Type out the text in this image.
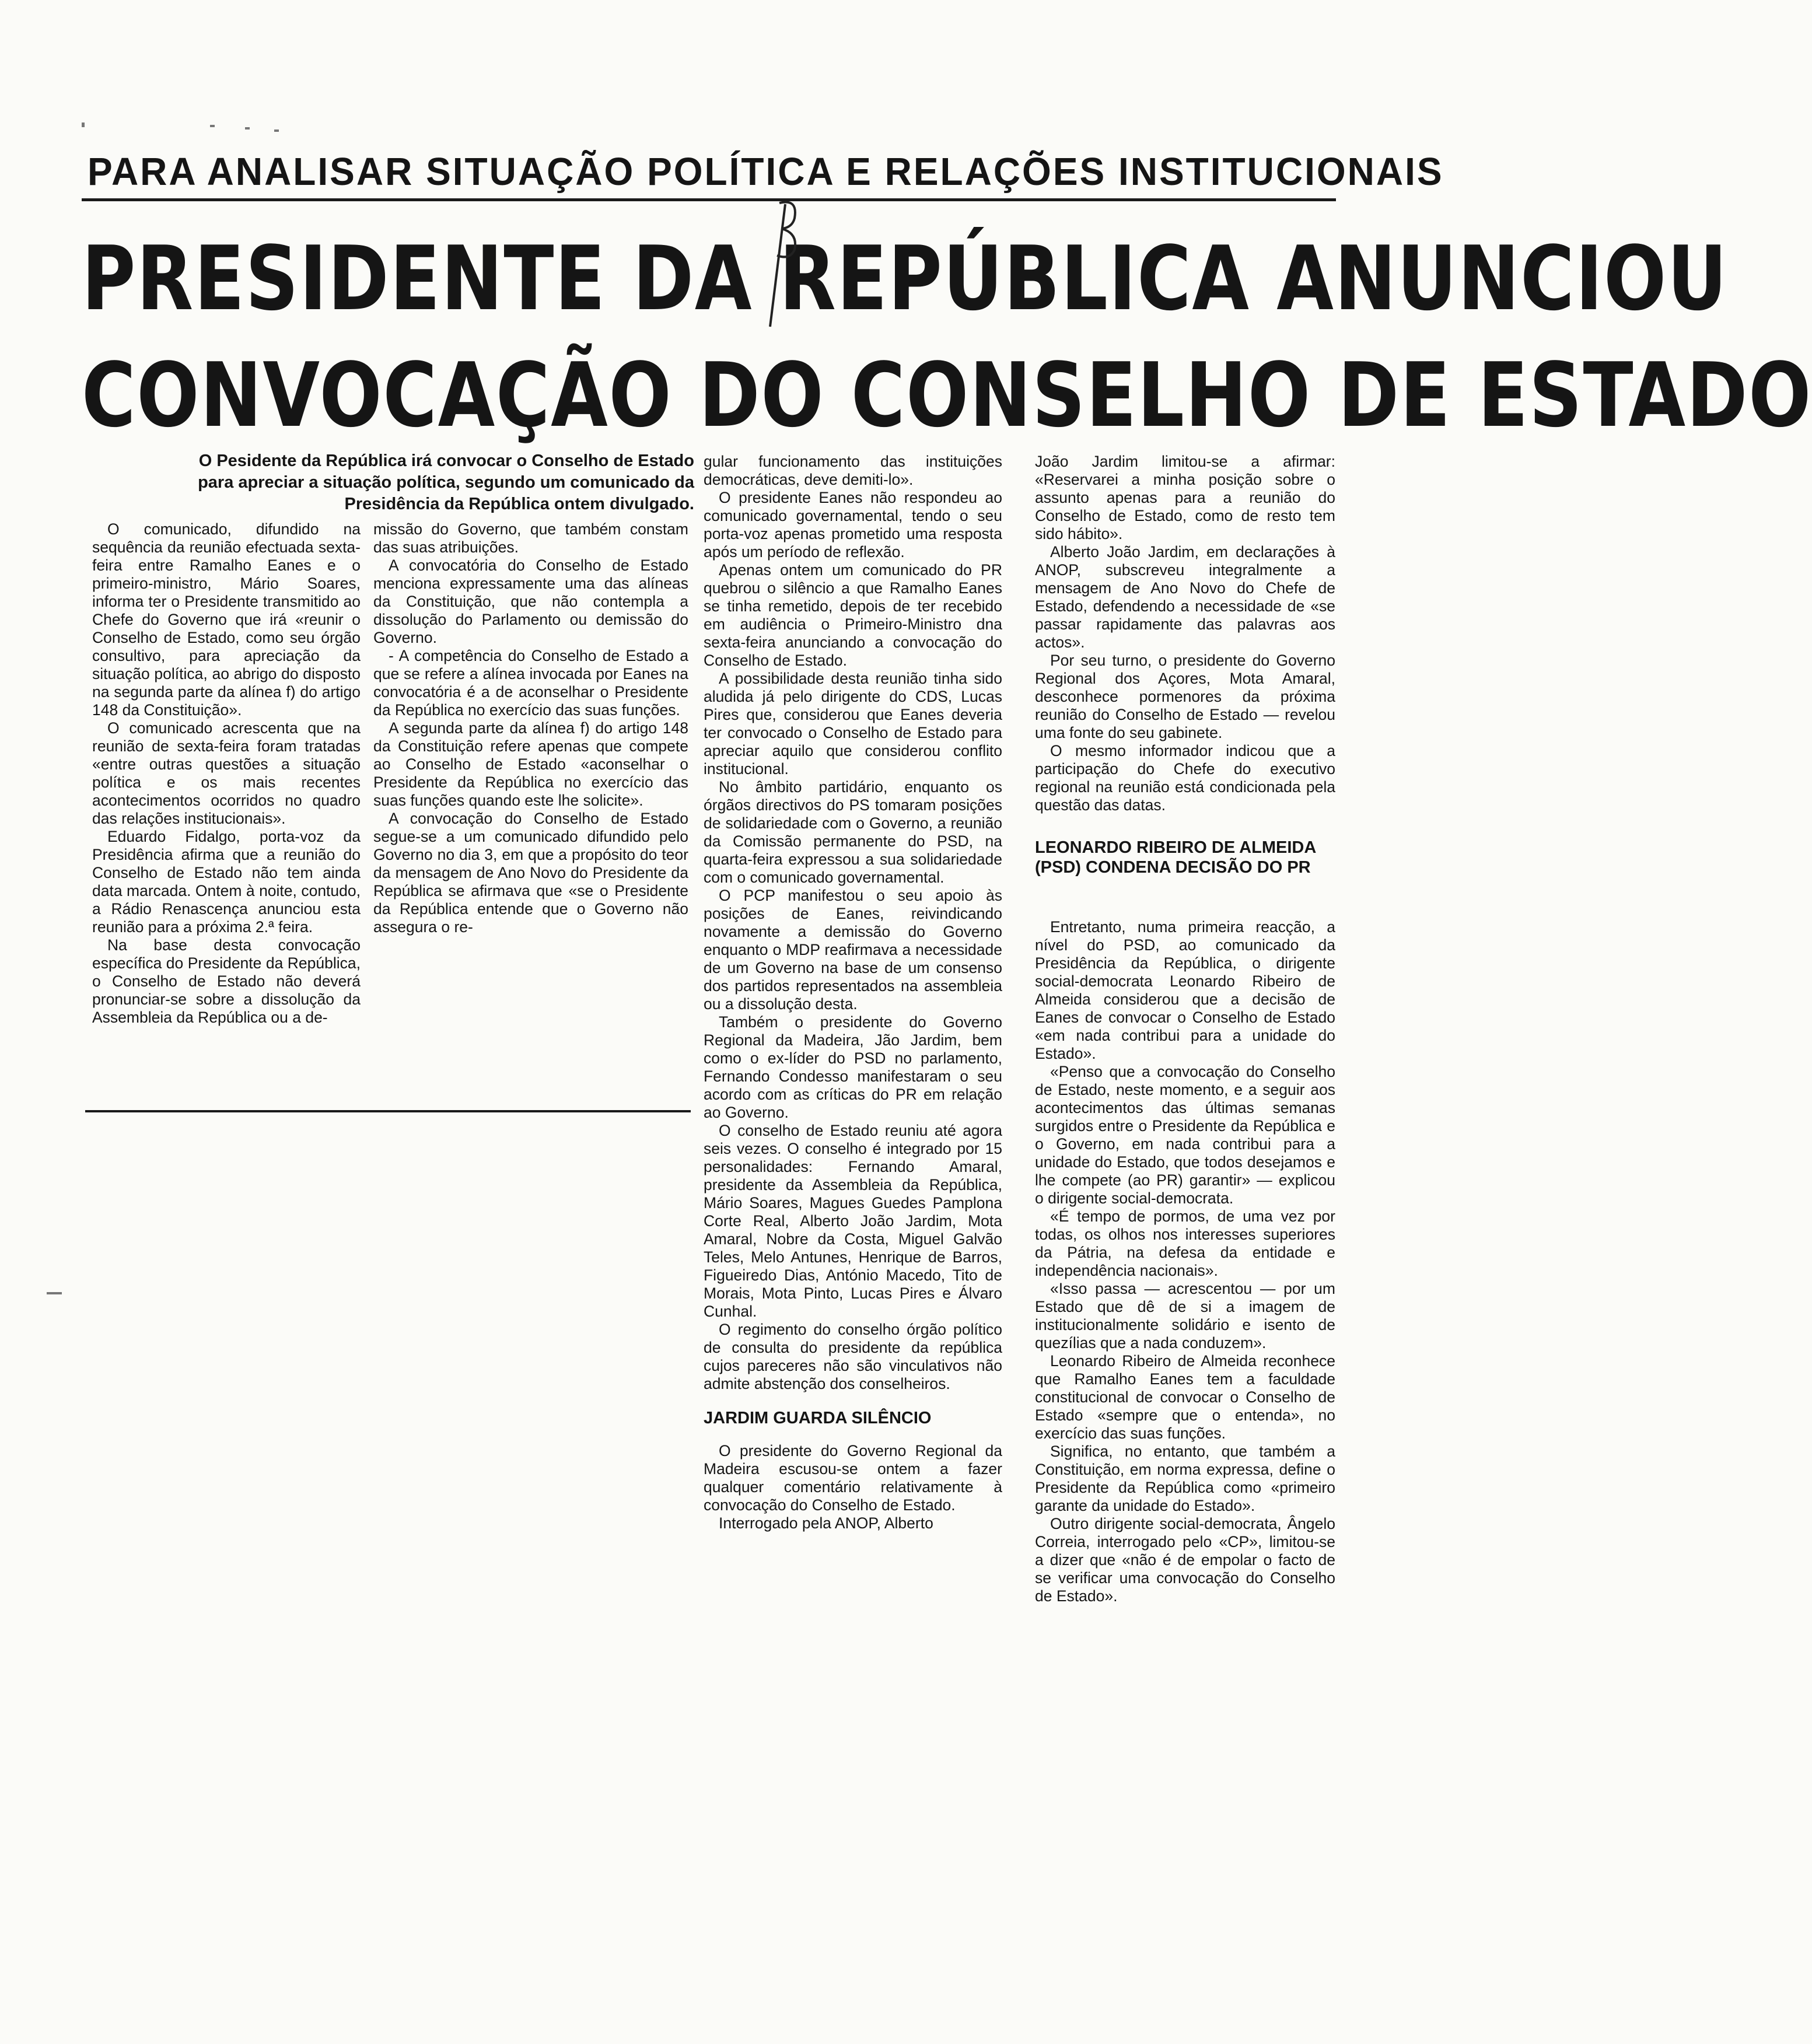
PARA ANALISAR SITUAÇÃO POLÍTICA E RELAÇÕES INSTITUCIONAIS
PRESIDENTE DA REPÚBLICA ANUNCIOU
CONVOCAÇÃO DO CONSELHO DE ESTADO
O Pesidente da República irá convocar o Conselho de Estado para apreciar a situação política, segundo um comunicado da Presidência da República ontem divulgado.

O comunicado, difundido na sequência da reunião efectuada sexta-feira entre Ramalho Eanes e o primeiro-ministro, Mário Soares, informa ter o Presidente transmitido ao Chefe do Governo que irá «reunir o Conselho de Estado, como seu órgão consultivo, para apreciação da situação política, ao abrigo do disposto na segunda parte da alínea f) do artigo 148 da Constituição».

O comunicado acrescenta que na reunião de sexta-feira foram tratadas «entre outras questões a situação política e os mais recentes acontecimentos ocorridos no quadro das relações institucionais».

Eduardo Fidalgo, porta-voz da Presidência afirma que a reunião do Conselho de Estado não tem ainda data marcada. Ontem à noite, contudo, a Rádio Renascença anunciou esta reunião para a próxima 2.ª feira.

Na base desta convocação específica do Presidente da República, o Conselho de Estado não deverá pronunciar-se sobre a dissolução da Assembleia da República ou a de-

missão do Governo, que também constam das suas atribuições.

A convocatória do Conselho de Estado menciona expressamente uma das alíneas da Constituição, que não contempla a dissolução do Parlamento ou demissão do Governo.

- A competência do Conselho de Estado a que se refere a alínea invocada por Eanes na convocatória é a de aconselhar o Presidente da República no exercício das suas funções.

A segunda parte da alínea f) do artigo 148 da Constituição refere apenas que compete ao Conselho de Estado «aconselhar o Presidente da República no exercício das suas funções quando este lhe solicite».

A convocação do Conselho de Estado segue-se a um comunicado difundido pelo Governo no dia 3, em que a propósito do teor da mensagem de Ano Novo do Presidente da República se afirmava que «se o Presidente da República entende que o Governo não assegura o re-

gular funcionamento das instituições democráticas, deve demiti-lo».

O presidente Eanes não respondeu ao comunicado governamental, tendo o seu porta-voz apenas prometido uma resposta após um período de reflexão.

Apenas ontem um comunicado do PR quebrou o silêncio a que Ramalho Eanes se tinha remetido, depois de ter recebido em audiência o Primeiro-Ministro dna sexta-feira anunciando a convocação do Conselho de Estado.

A possibilidade desta reunião tinha sido aludida já pelo dirigente do CDS, Lucas Pires que, considerou que Eanes deveria ter convocado o Conselho de Estado para apreciar aquilo que considerou conflito institucional.

No âmbito partidário, enquanto os órgãos directivos do PS tomaram posições de solidariedade com o Governo, a reunião da Comissão permanente do PSD, na quarta-feira expressou a sua solidariedade com o comunicado governamental.

O PCP manifestou o seu apoio às posições de Eanes, reivindicando novamente a demissão do Governo enquanto o MDP reafirmava a necessidade de um Governo na base de um consenso dos partidos representados na assembleia ou a dissolução desta.

Também o presidente do Governo Regional da Madeira, Jão Jardim, bem como o ex-líder do PSD no parlamento, Fernando Condesso manifestaram o seu acordo com as críticas do PR em relação ao Governo.

O conselho de Estado reuniu até agora seis vezes. O conselho é integrado por 15 personalidades: Fernando Amaral, presidente da Assembleia da República, Mário Soares, Magues Guedes Pamplona Corte Real, Alberto João Jardim, Mota Amaral, Nobre da Costa, Miguel Galvão Teles, Melo Antunes, Henrique de Barros, Figueiredo Dias, António Macedo, Tito de Morais, Mota Pinto, Lucas Pires e Álvaro Cunhal.

O regimento do conselho órgão político de consulta do presidente da república cujos pareceres não são vinculativos não admite abstenção dos conselheiros.

JARDIM GUARDA SILÊNCIO

O presidente do Governo Regional da Madeira escusou-se ontem a fazer qualquer comentário relativamente à convocação do Conselho de Estado.

Interrogado pela ANOP, Alberto

João Jardim limitou-se a afirmar: «Reservarei a minha posição sobre o assunto apenas para a reunião do Conselho de Estado, como de resto tem sido hábito».

Alberto João Jardim, em declarações à ANOP, subscreveu integralmente a mensagem de Ano Novo do Chefe de Estado, defendendo a necessidade de «se passar rapidamente das palavras aos actos».

Por seu turno, o presidente do Governo Regional dos Açores, Mota Amaral, desconhece pormenores da próxima reunião do Conselho de Estado — revelou uma fonte do seu gabinete.

O mesmo informador indicou que a participação do Chefe do executivo regional na reunião está condicionada pela questão das datas.

LEONARDO RIBEIRO DE ALMEIDA (PSD) CONDENA DECISÃO DO PR

Entretanto, numa primeira reacção, a nível do PSD, ao comunicado da Presidência da República, o dirigente social-democrata Leonardo Ribeiro de Almeida considerou que a decisão de Eanes de convocar o Conselho de Estado «em nada contribui para a unidade do Estado».

«Penso que a convocação do Conselho de Estado, neste momento, e a seguir aos acontecimentos das últimas semanas surgidos entre o Presidente da República e o Governo, em nada contribui para a unidade do Estado, que todos desejamos e lhe compete (ao PR) garantir» — explicou o dirigente social-democrata.

«É tempo de pormos, de uma vez por todas, os olhos nos interesses superiores da Pátria, na defesa da entidade e independência nacionais».

«Isso passa — acrescentou — por um Estado que dê de si a imagem de institucionalmente solidário e isento de quezílias que a nada conduzem».

Leonardo Ribeiro de Almeida reconhece que Ramalho Eanes tem a faculdade constitucional de convocar o Conselho de Estado «sempre que o entenda», no exercício das suas funções.

Significa, no entanto, que também a Constituição, em norma expressa, define o Presidente da República como «primeiro garante da unidade do Estado».

Outro dirigente social-democrata, Ângelo Correia, interrogado pelo «CP», limitou-se a dizer que «não é de empolar o facto de se verificar uma convocação do Conselho de Estado».
